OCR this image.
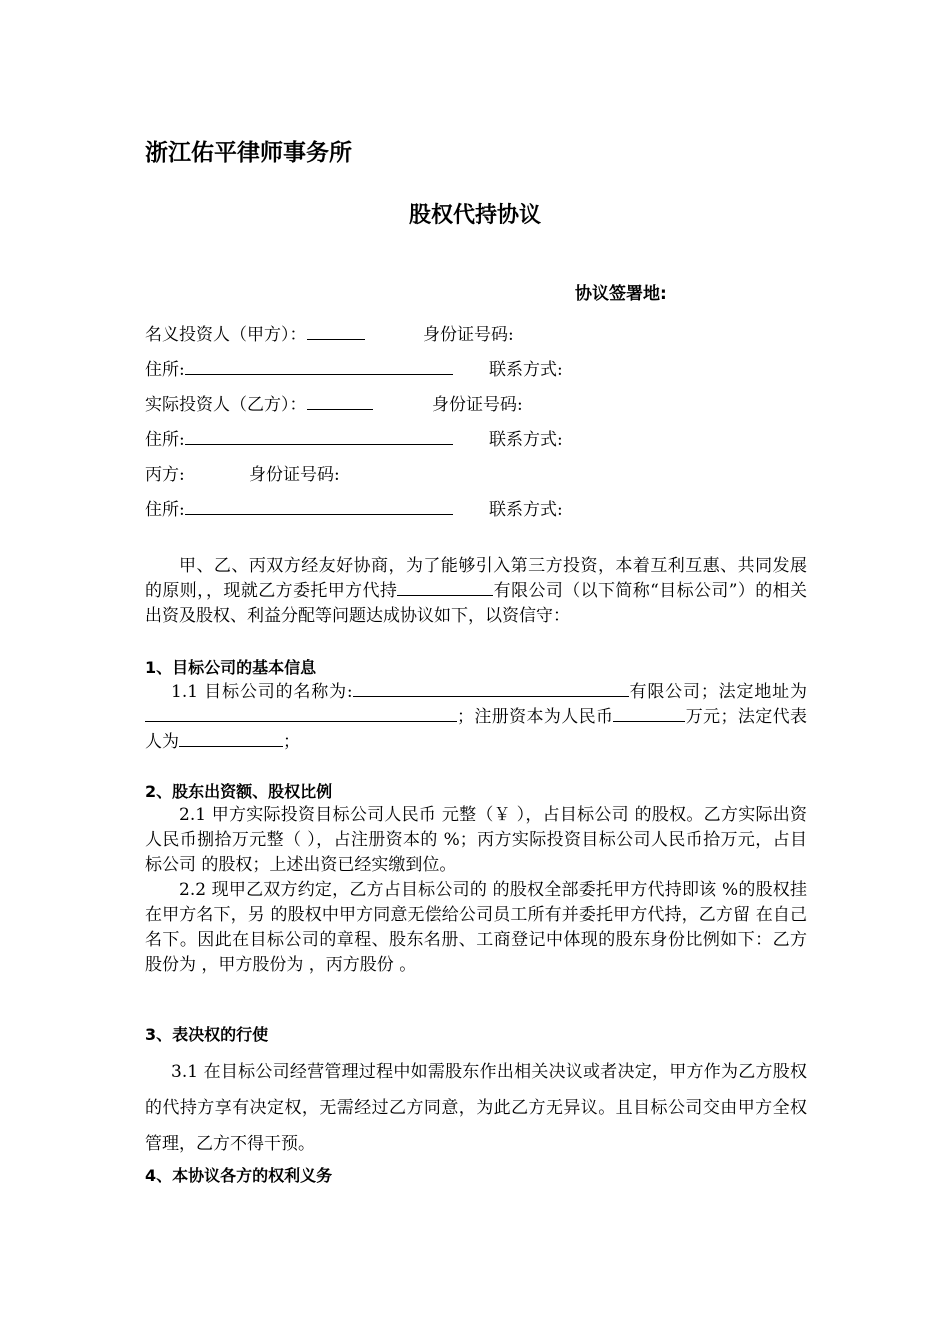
浙江佑平律师事务所
股权代持协议
协议签署地:
名义投资人（甲方）：	身份证号码:
住所:	联系方式:
实际投资人（乙方）：	身份证号码:
住所:	联系方式:
丙方:	身份证号码:
住所:	联系方式:

甲、乙、丙双方经友好协商，为了能够引入第三方投资，本着互利互惠、共同发展的原则，，现就乙方委托甲方代持	有限公司（以下简称“目标公司”）的相关出资及股权、利益分配等问题达成协议如下，以资信守：

1、目标公司的基本信息

1.1 目标公司的名称为:	有限公司；法定地址为；注册资本为人民币	万元；法定代表人为	；

2、股东出资额、股权比例

2.1 甲方实际投资目标公司人民币 元整（￥ ），占目标公司 的股权。乙方实际出资人民币捌拾万元整（ ），占注册资本的 %；丙方实际投资目标公司人民币拾万元，占目标公司 的股权；上述出资已经实缴到位。

2.2 现甲乙双方约定，乙方占目标公司的 的股权全部委托甲方代持即该 %的股权挂在甲方名下，另 的股权中甲方同意无偿给公司员工所有并委托甲方代持，乙方留 在自己名下。因此在目标公司的章程、股东名册、工商登记中体现的股东身份比例如下：乙方股份为 ，甲方股份为 ，丙方股份 。

3、表决权的行使

3.1 在目标公司经营管理过程中如需股东作出相关决议或者决定，甲方作为乙方股权的代持方享有决定权，无需经过乙方同意，为此乙方无异议。且目标公司交由甲方全权管理，乙方不得干预。

4、本协议各方的权利义务
